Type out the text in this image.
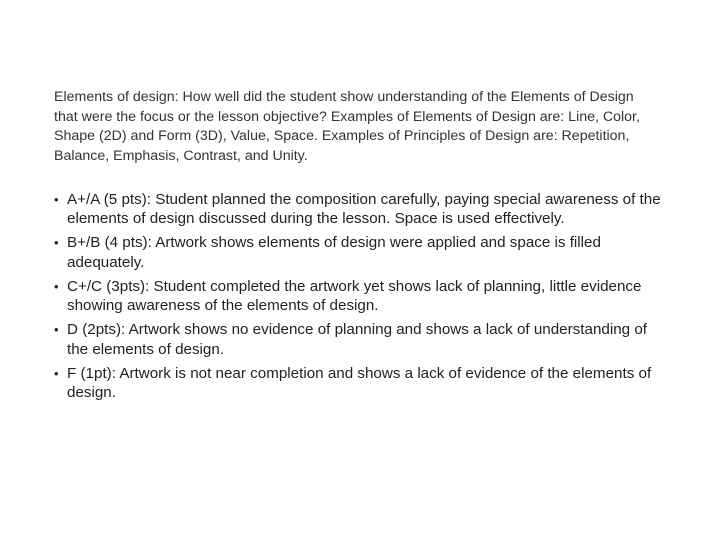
Elements of design: How well did the student show understanding of the Elements of Design that were the focus or the lesson objective? Examples of Elements of Design are: Line, Color, Shape (2D) and Form (3D), Value, Space. Examples of Principles of Design are: Repetition, Balance, Emphasis, Contrast, and Unity.

• A+/A (5 pts): Student planned the composition carefully, paying special awareness of the elements of design discussed during the lesson. Space is used effectively.
• B+/B (4 pts): Artwork shows elements of design were applied and space is filled adequately.
• C+/C (3pts): Student completed the artwork yet shows lack of planning, little evidence showing awareness of the elements of design.
• D (2pts): Artwork shows no evidence of planning and shows a lack of understanding of the elements of design.
• F (1pt): Artwork is not near completion and shows a lack of evidence of the elements of design.
